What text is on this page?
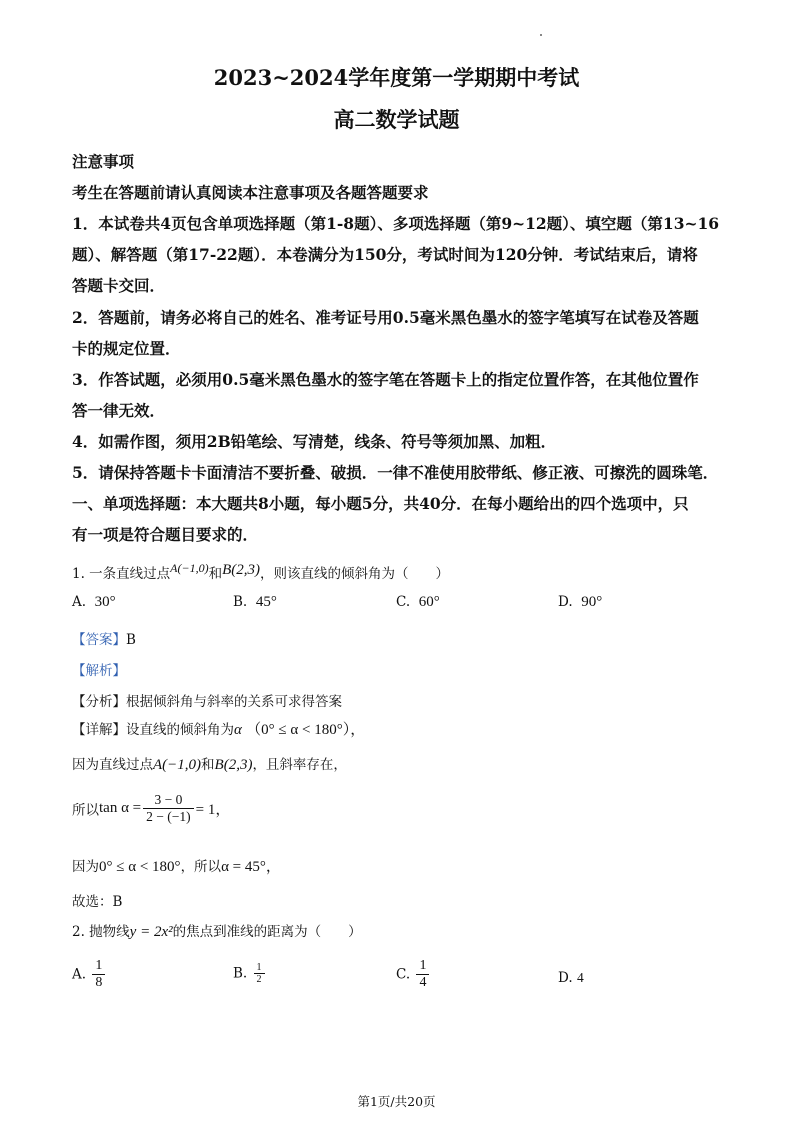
2023~2024学年度第一学期期中考试
高二数学试题
注意事项
考生在答题前请认真阅读本注意事项及各题答题要求
1．本试卷共4页包含单项选择题（第1-8题）、多项选择题（第9~12题）、填空题（第13~16
题）、解答题（第17-22题）．本卷满分为150分，考试时间为120分钟．考试结束后，请将
答题卡交回．
2．答题前，请务必将自己的姓名、准考证号用0.5毫米黑色墨水的签字笔填写在试卷及答题
卡的规定位置．
3．作答试题，必须用0.5毫米黑色墨水的签字笔在答题卡上的指定位置作答，在其他位置作
答一律无效．
4．如需作图，须用2B铅笔绘、写清楚，线条、符号等须加黑、加粗．
5．请保持答题卡卡面清洁不要折叠、破损．一律不准使用胶带纸、修正液、可擦洗的圆珠笔．
一、单项选择题：本大题共8小题，每小题5分，共40分．在每小题给出的四个选项中，只
有一项是符合题目要求的．
1. 一条直线过点A(−1,0)和B(2,3)，则该直线的倾斜角为（　　）
A. 30°	B. 45°	C. 60°	D. 90°
【答案】B
【解析】
【分析】根据倾斜角与斜率的关系可求得答案
【详解】设直线的倾斜角为α （0° ≤ α < 180°），
因为直线过点A(−1,0)和B(2,3)，且斜率存在，
所以$\tan \alpha = \frac{3 - 0}{2 - (-1)} = 1$，
因为0° ≤ α < 180°，所以α = 45°，
故选：B
2. 抛物线y = 2x²的焦点到准线的距离为（　　）
A. $\frac{1}{8}$	B. $\frac{1}{2}$	C. $\frac{1}{4}$	D. 4
第1页/共20页
